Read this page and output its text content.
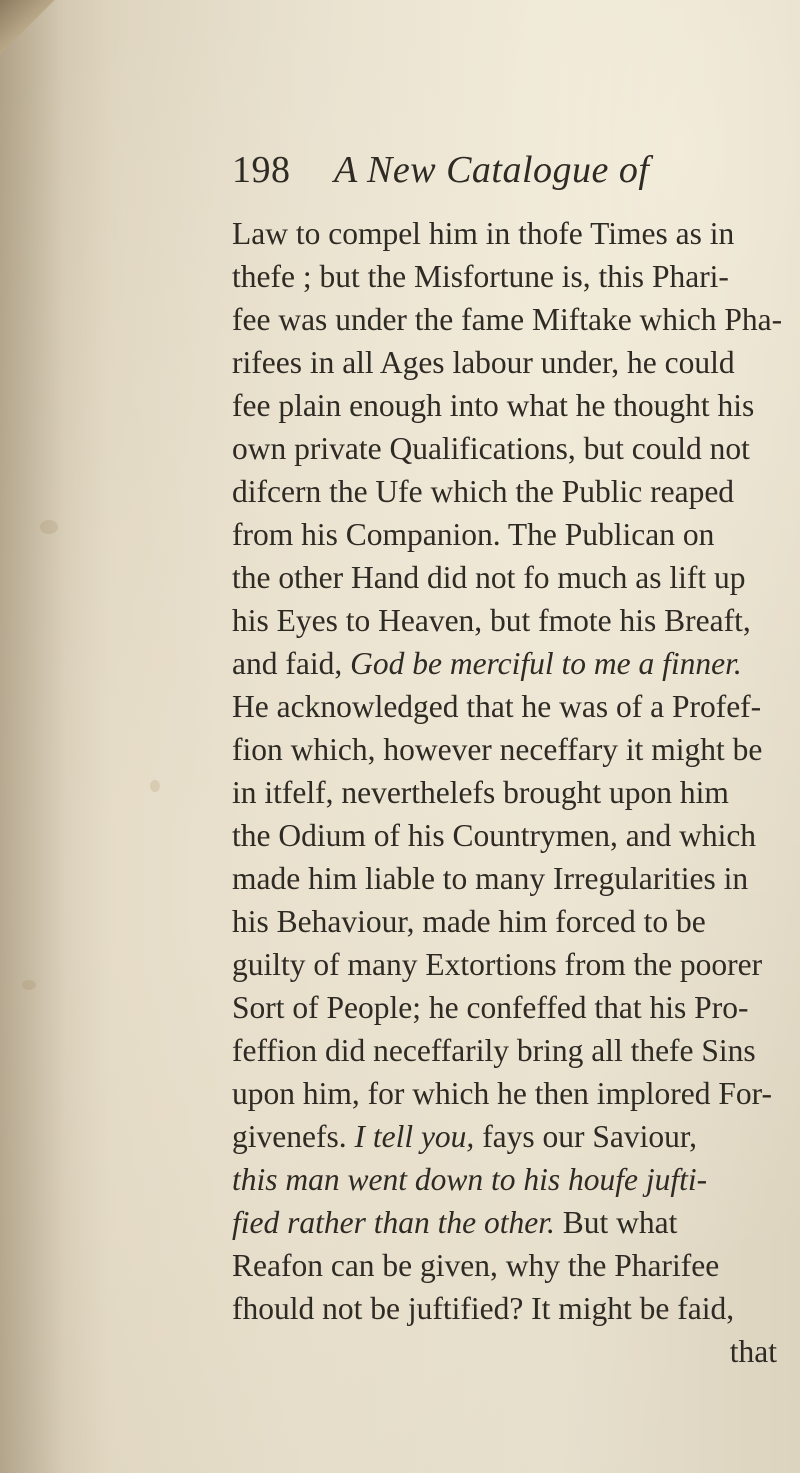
198 A New Catalogue of
Law to compel him in thofe Times as in
thefe ; but the Misfortune is, this Phari-
fee was under the fame Miftake which Pha-
rifees in all Ages labour under, he could
fee plain enough into what he thought his
own private Qualifications, but could not
difcern the Ufe which the Public reaped
from his Companion. The Publican on
the other Hand did not fo much as lift up
his Eyes to Heaven, but fmote his Breaft,
and faid, God be merciful to me a finner.
He acknowledged that he was of a Profef-
fion which, however neceffary it might be
in itfelf, neverthelefs brought upon him
the Odium of his Countrymen, and which
made him liable to many Irregularities in
his Behaviour, made him forced to be
guilty of many Extortions from the poorer
Sort of People; he confeffed that his Pro-
feffion did neceffarily bring all thefe Sins
upon him, for which he then implored For-
givenefs. I tell you, fays our Saviour,
this man went down to his houfe jufti-
fied rather than the other. But what
Reafon can be given, why the Pharifee
fhould not be juftified? It might be faid,
that
